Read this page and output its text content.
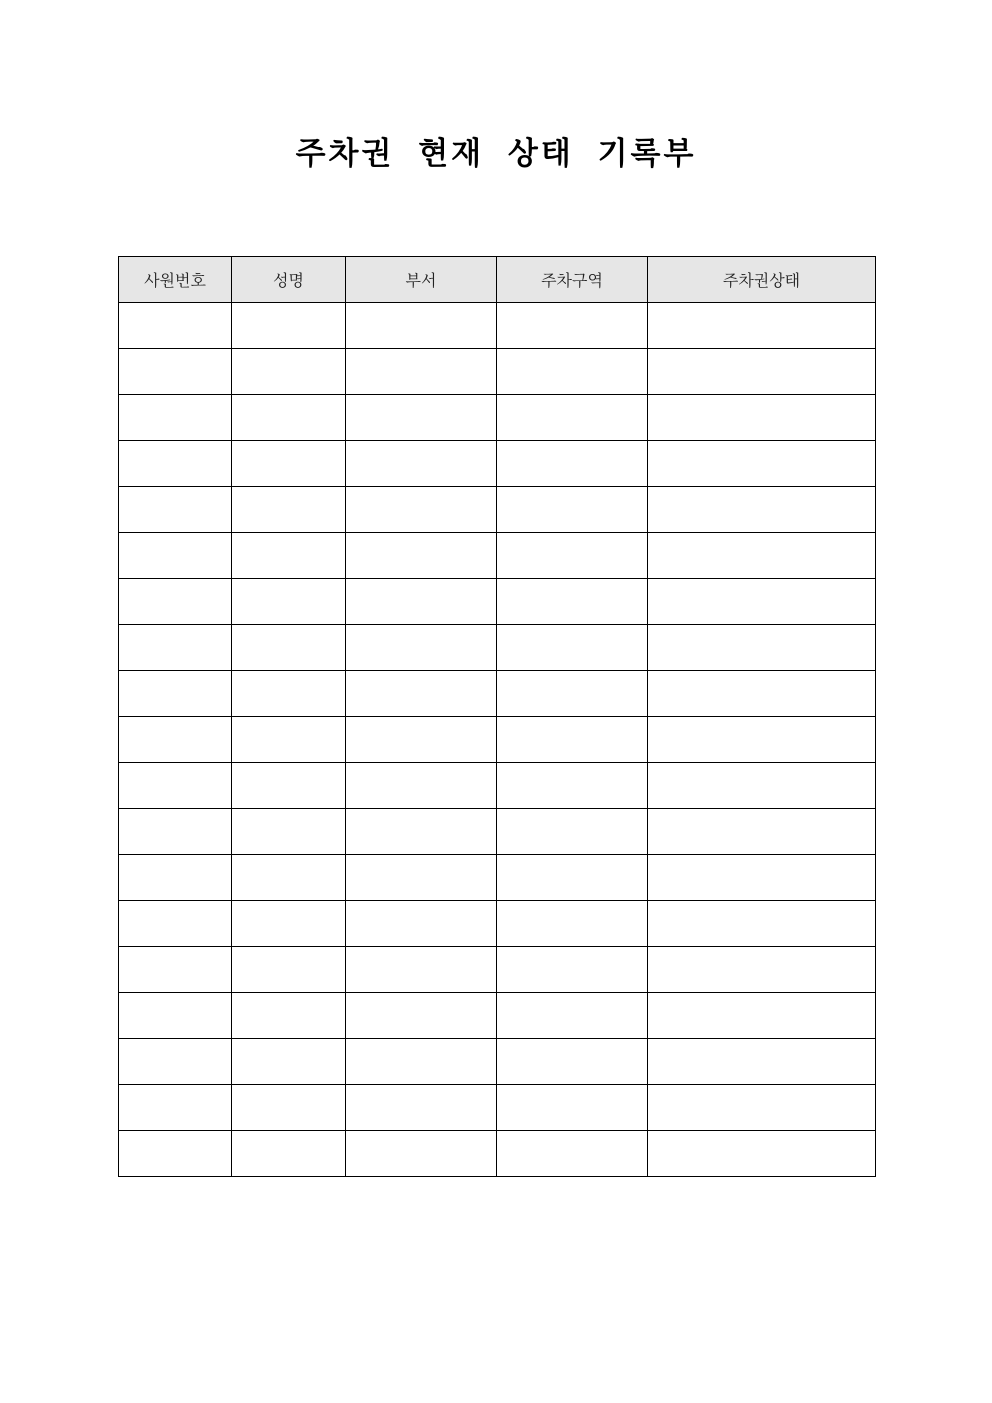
주차권 현재 상태 기록부
사원번호	성명	부서	주차구역	주차권상태
